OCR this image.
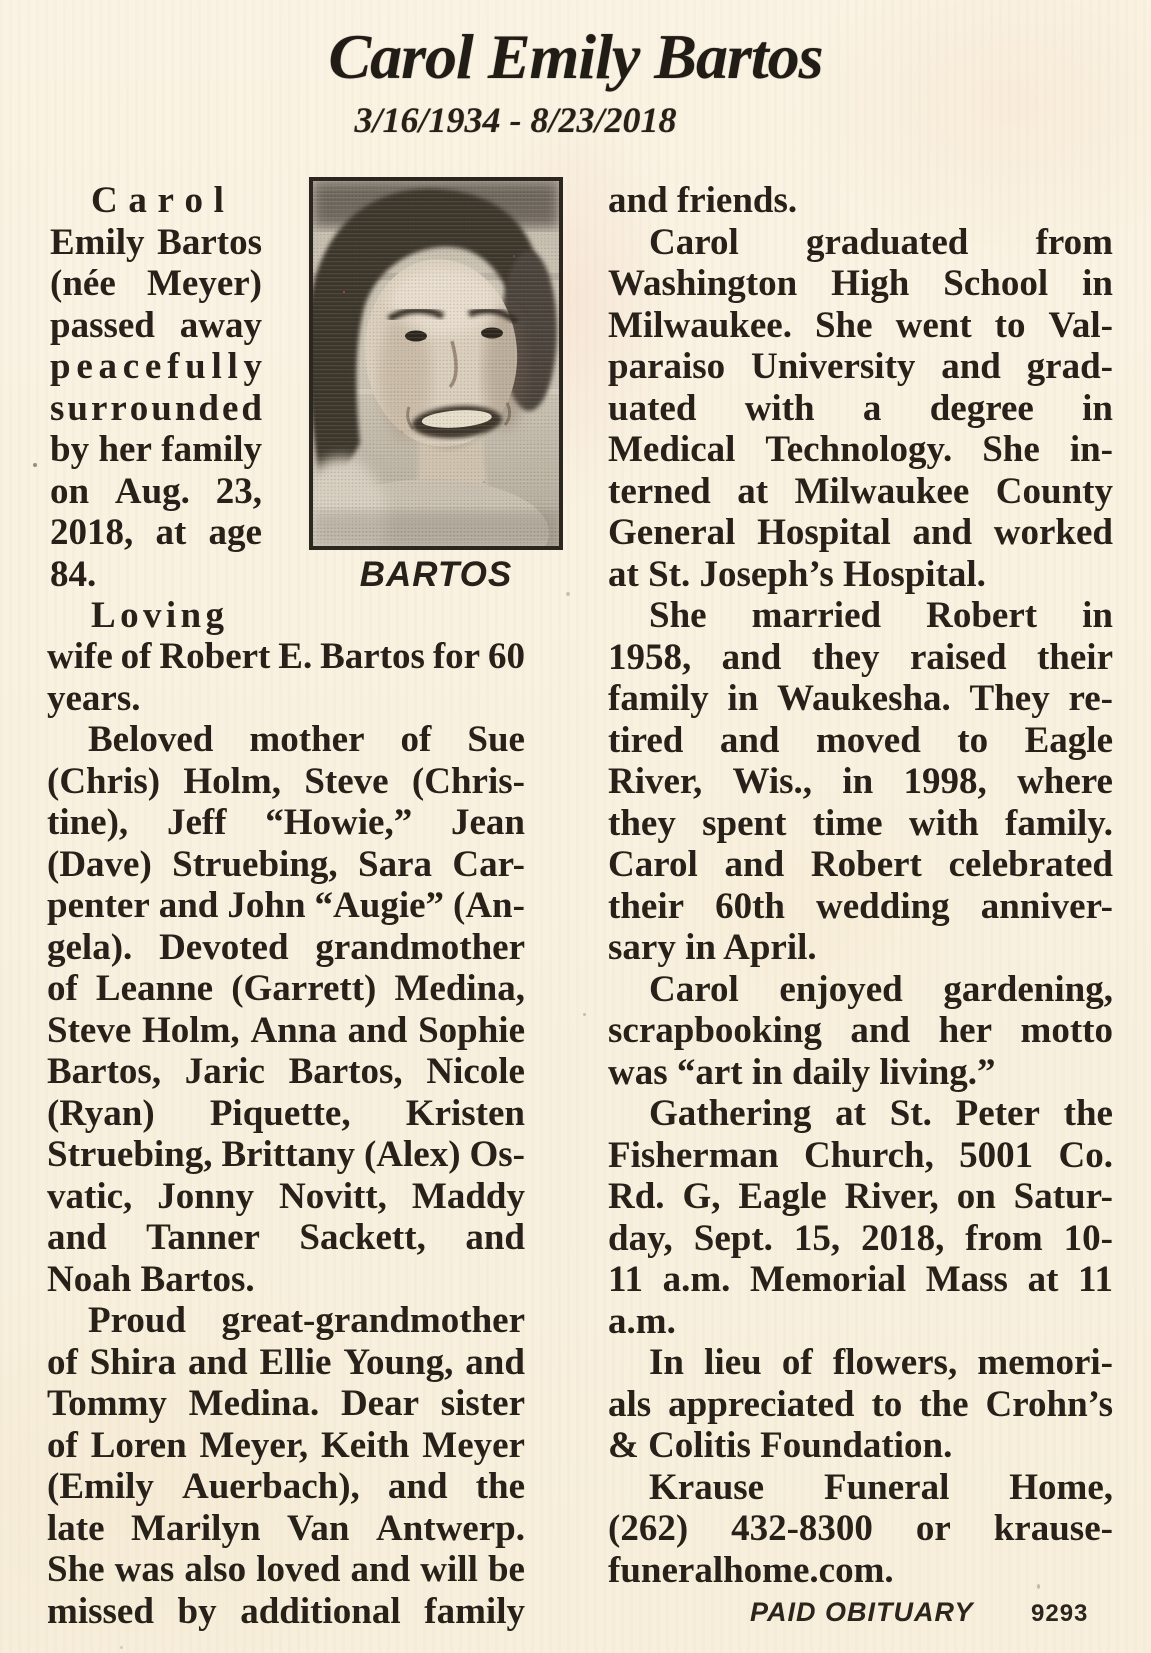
Carol Emily Bartos
3/16/1934 - 8/23/2018
C a r o l
Emily Bartos
(née Meyer)
passed away
p e a c e f u l l y
s u r r o u n d e d
by her family
on Aug. 23,
2018, at age
84.
L o v i n g
BARTOS
wife of Robert E. Bartos for 60
years.
Beloved mother of Sue
(Chris) Holm, Steve (Chris-
tine), Jeff “Howie,” Jean
(Dave) Struebing, Sara Car-
penter and John “Augie” (An-
gela). Devoted grandmother
of Leanne (Garrett) Medina,
Steve Holm, Anna and Sophie
Bartos, Jaric Bartos, Nicole
(Ryan) Piquette, Kristen
Struebing, Brittany (Alex) Os-
vatic, Jonny Novitt, Maddy
and Tanner Sackett, and
Noah Bartos.
Proud great-grandmother
of Shira and Ellie Young, and
Tommy Medina. Dear sister
of Loren Meyer, Keith Meyer
(Emily Auerbach), and the
late Marilyn Van Antwerp.
She was also loved and will be
missed by additional family
and friends.
Carol graduated from
Washington High School in
Milwaukee. She went to Val-
paraiso University and grad-
uated with a degree in
Medical Technology. She in-
terned at Milwaukee County
General Hospital and worked
at St. Joseph’s Hospital.
She married Robert in
1958, and they raised their
family in Waukesha. They re-
tired and moved to Eagle
River, Wis., in 1998, where
they spent time with family.
Carol and Robert celebrated
their 60th wedding anniver-
sary in April.
Carol enjoyed gardening,
scrapbooking and her motto
was “art in daily living.”
Gathering at St. Peter the
Fisherman Church, 5001 Co.
Rd. G, Eagle River, on Satur-
day, Sept. 15, 2018, from 10-
11 a.m. Memorial Mass at 11
a.m.
In lieu of flowers, memori-
als appreciated to the Crohn’s
& Colitis Foundation.
Krause Funeral Home,
(262) 432-8300 or krause-
funeralhome.com.
PAID OBITUARY 9293
